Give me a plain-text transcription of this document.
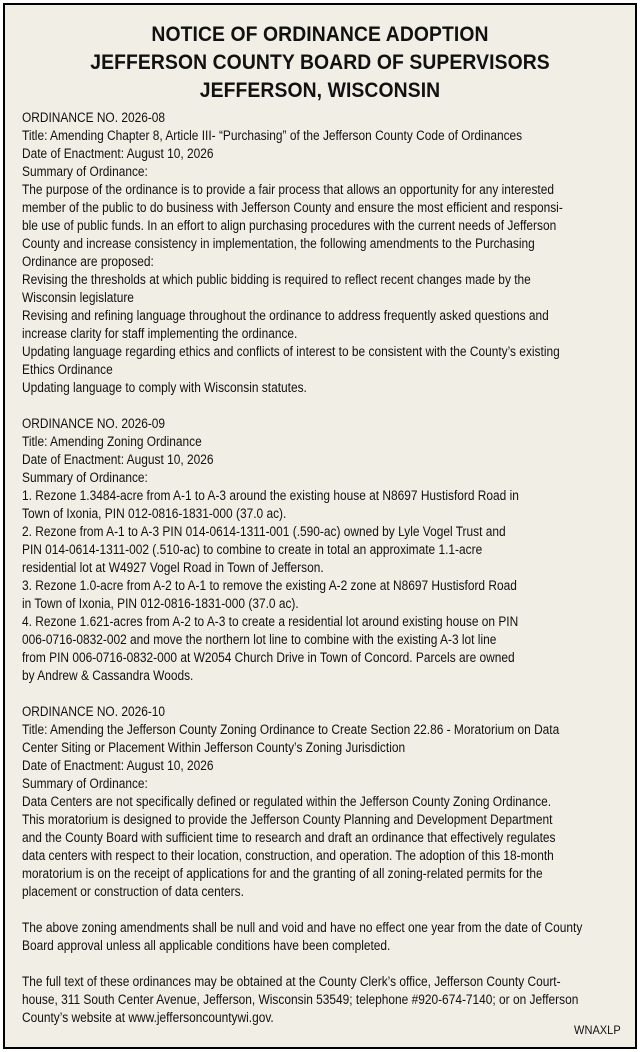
NOTICE OF ORDINANCE ADOPTION
JEFFERSON COUNTY BOARD OF SUPERVISORS
JEFFERSON, WISCONSIN
ORDINANCE NO. 2026-08
Title: Amending Chapter 8, Article III- “Purchasing” of the Jefferson County Code of Ordinances
Date of Enactment: August 10, 2026
Summary of Ordinance:
The purpose of the ordinance is to provide a fair process that allows an opportunity for any interested
member of the public to do business with Jefferson County and ensure the most efficient and responsi-
ble use of public funds. In an effort to align purchasing procedures with the current needs of Jefferson
County and increase consistency in implementation, the following amendments to the Purchasing
Ordinance are proposed:
Revising the thresholds at which public bidding is required to reflect recent changes made by the
Wisconsin legislature
Revising and refining language throughout the ordinance to address frequently asked questions and
increase clarity for staff implementing the ordinance.
Updating language regarding ethics and conflicts of interest to be consistent with the County’s existing
Ethics Ordinance
Updating language to comply with Wisconsin statutes.
ORDINANCE NO. 2026-09
Title: Amending Zoning Ordinance
Date of Enactment: August 10, 2026
Summary of Ordinance:
1. Rezone 1.3484-acre from A-1 to A-3 around the existing house at N8697 Hustisford Road in
Town of Ixonia, PIN 012-0816-1831-000 (37.0 ac).
2. Rezone from A-1 to A-3 PIN 014-0614-1311-001 (.590-ac) owned by Lyle Vogel Trust and
PIN 014-0614-1311-002 (.510-ac) to combine to create in total an approximate 1.1-acre
residential lot at W4927 Vogel Road in Town of Jefferson.
3. Rezone 1.0-acre from A-2 to A-1 to remove the existing A-2 zone at N8697 Hustisford Road
in Town of Ixonia, PIN 012-0816-1831-000 (37.0 ac).
4. Rezone 1.621-acres from A-2 to A-3 to create a residential lot around existing house on PIN
006-0716-0832-002 and move the northern lot line to combine with the existing A-3 lot line
from PIN 006-0716-0832-000 at W2054 Church Drive in Town of Concord. Parcels are owned
by Andrew & Cassandra Woods.
ORDINANCE NO. 2026-10
Title: Amending the Jefferson County Zoning Ordinance to Create Section 22.86 - Moratorium on Data
Center Siting or Placement Within Jefferson County’s Zoning Jurisdiction
Date of Enactment: August 10, 2026
Summary of Ordinance:
Data Centers are not specifically defined or regulated within the Jefferson County Zoning Ordinance.
This moratorium is designed to provide the Jefferson County Planning and Development Department
and the County Board with sufficient time to research and draft an ordinance that effectively regulates
data centers with respect to their location, construction, and operation. The adoption of this 18-month
moratorium is on the receipt of applications for and the granting of all zoning-related permits for the
placement or construction of data centers.
The above zoning amendments shall be null and void and have no effect one year from the date of County
Board approval unless all applicable conditions have been completed.
The full text of these ordinances may be obtained at the County Clerk’s office, Jefferson County Court-
house, 311 South Center Avenue, Jefferson, Wisconsin 53549; telephone #920-674-7140; or on Jefferson
County’s website at www.jeffersoncountywi.gov.
WNAXLP
